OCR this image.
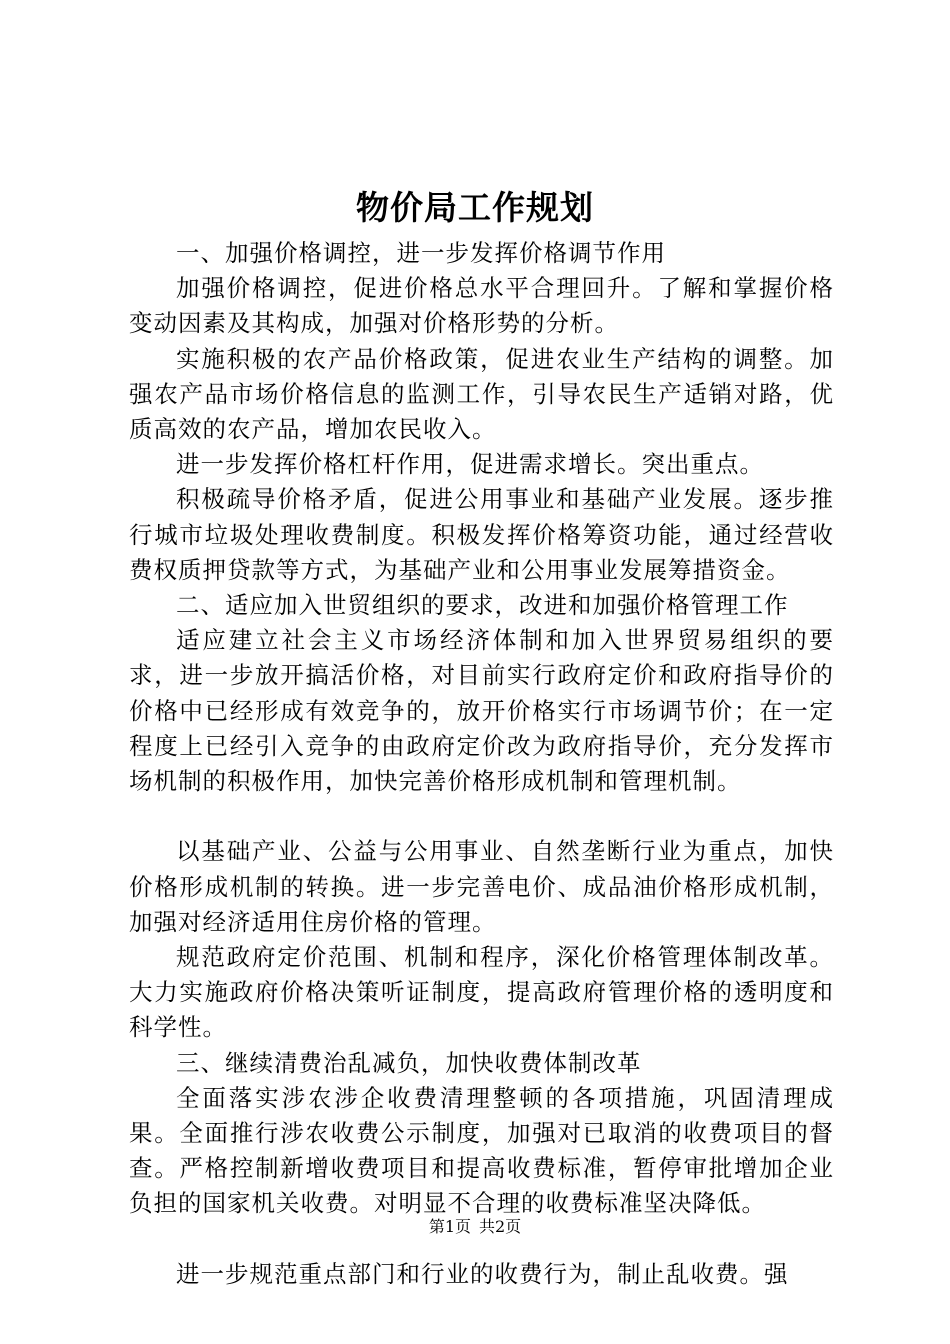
物价局工作规划

一、加强价格调控，进一步发挥价格调节作用

加强价格调控，促进价格总水平合理回升。了解和掌握价格变动因素及其构成，加强对价格形势的分析。

实施积极的农产品价格政策，促进农业生产结构的调整。加强农产品市场价格信息的监测工作，引导农民生产适销对路，优质高效的农产品，增加农民收入。

进一步发挥价格杠杆作用，促进需求增长。突出重点。

积极疏导价格矛盾，促进公用事业和基础产业发展。逐步推行城市垃圾处理收费制度。积极发挥价格筹资功能，通过经营收费权质押贷款等方式，为基础产业和公用事业发展筹措资金。

二、适应加入世贸组织的要求，改进和加强价格管理工作

适应建立社会主义市场经济体制和加入世界贸易组织的要求，进一步放开搞活价格，对目前实行政府定价和政府指导价的价格中已经形成有效竞争的，放开价格实行市场调节价；在一定程度上已经引入竞争的由政府定价改为政府指导价，充分发挥市场机制的积极作用，加快完善价格形成机制和管理机制。

以基础产业、公益与公用事业、自然垄断行业为重点，加快价格形成机制的转换。进一步完善电价、成品油价格形成机制，加强对经济适用住房价格的管理。

规范政府定价范围、机制和程序，深化价格管理体制改革。大力实施政府价格决策听证制度，提高政府管理价格的透明度和科学性。

三、继续清费治乱减负，加快收费体制改革

全面落实涉农涉企收费清理整顿的各项措施，巩固清理成果。全面推行涉农收费公示制度，加强对已取消的收费项目的督查。严格控制新增收费项目和提高收费标准，暂停审批增加企业负担的国家机关收费。对明显不合理的收费标准坚决降低。

进一步规范重点部门和行业的收费行为，制止乱收费。强

第1页 共2页
